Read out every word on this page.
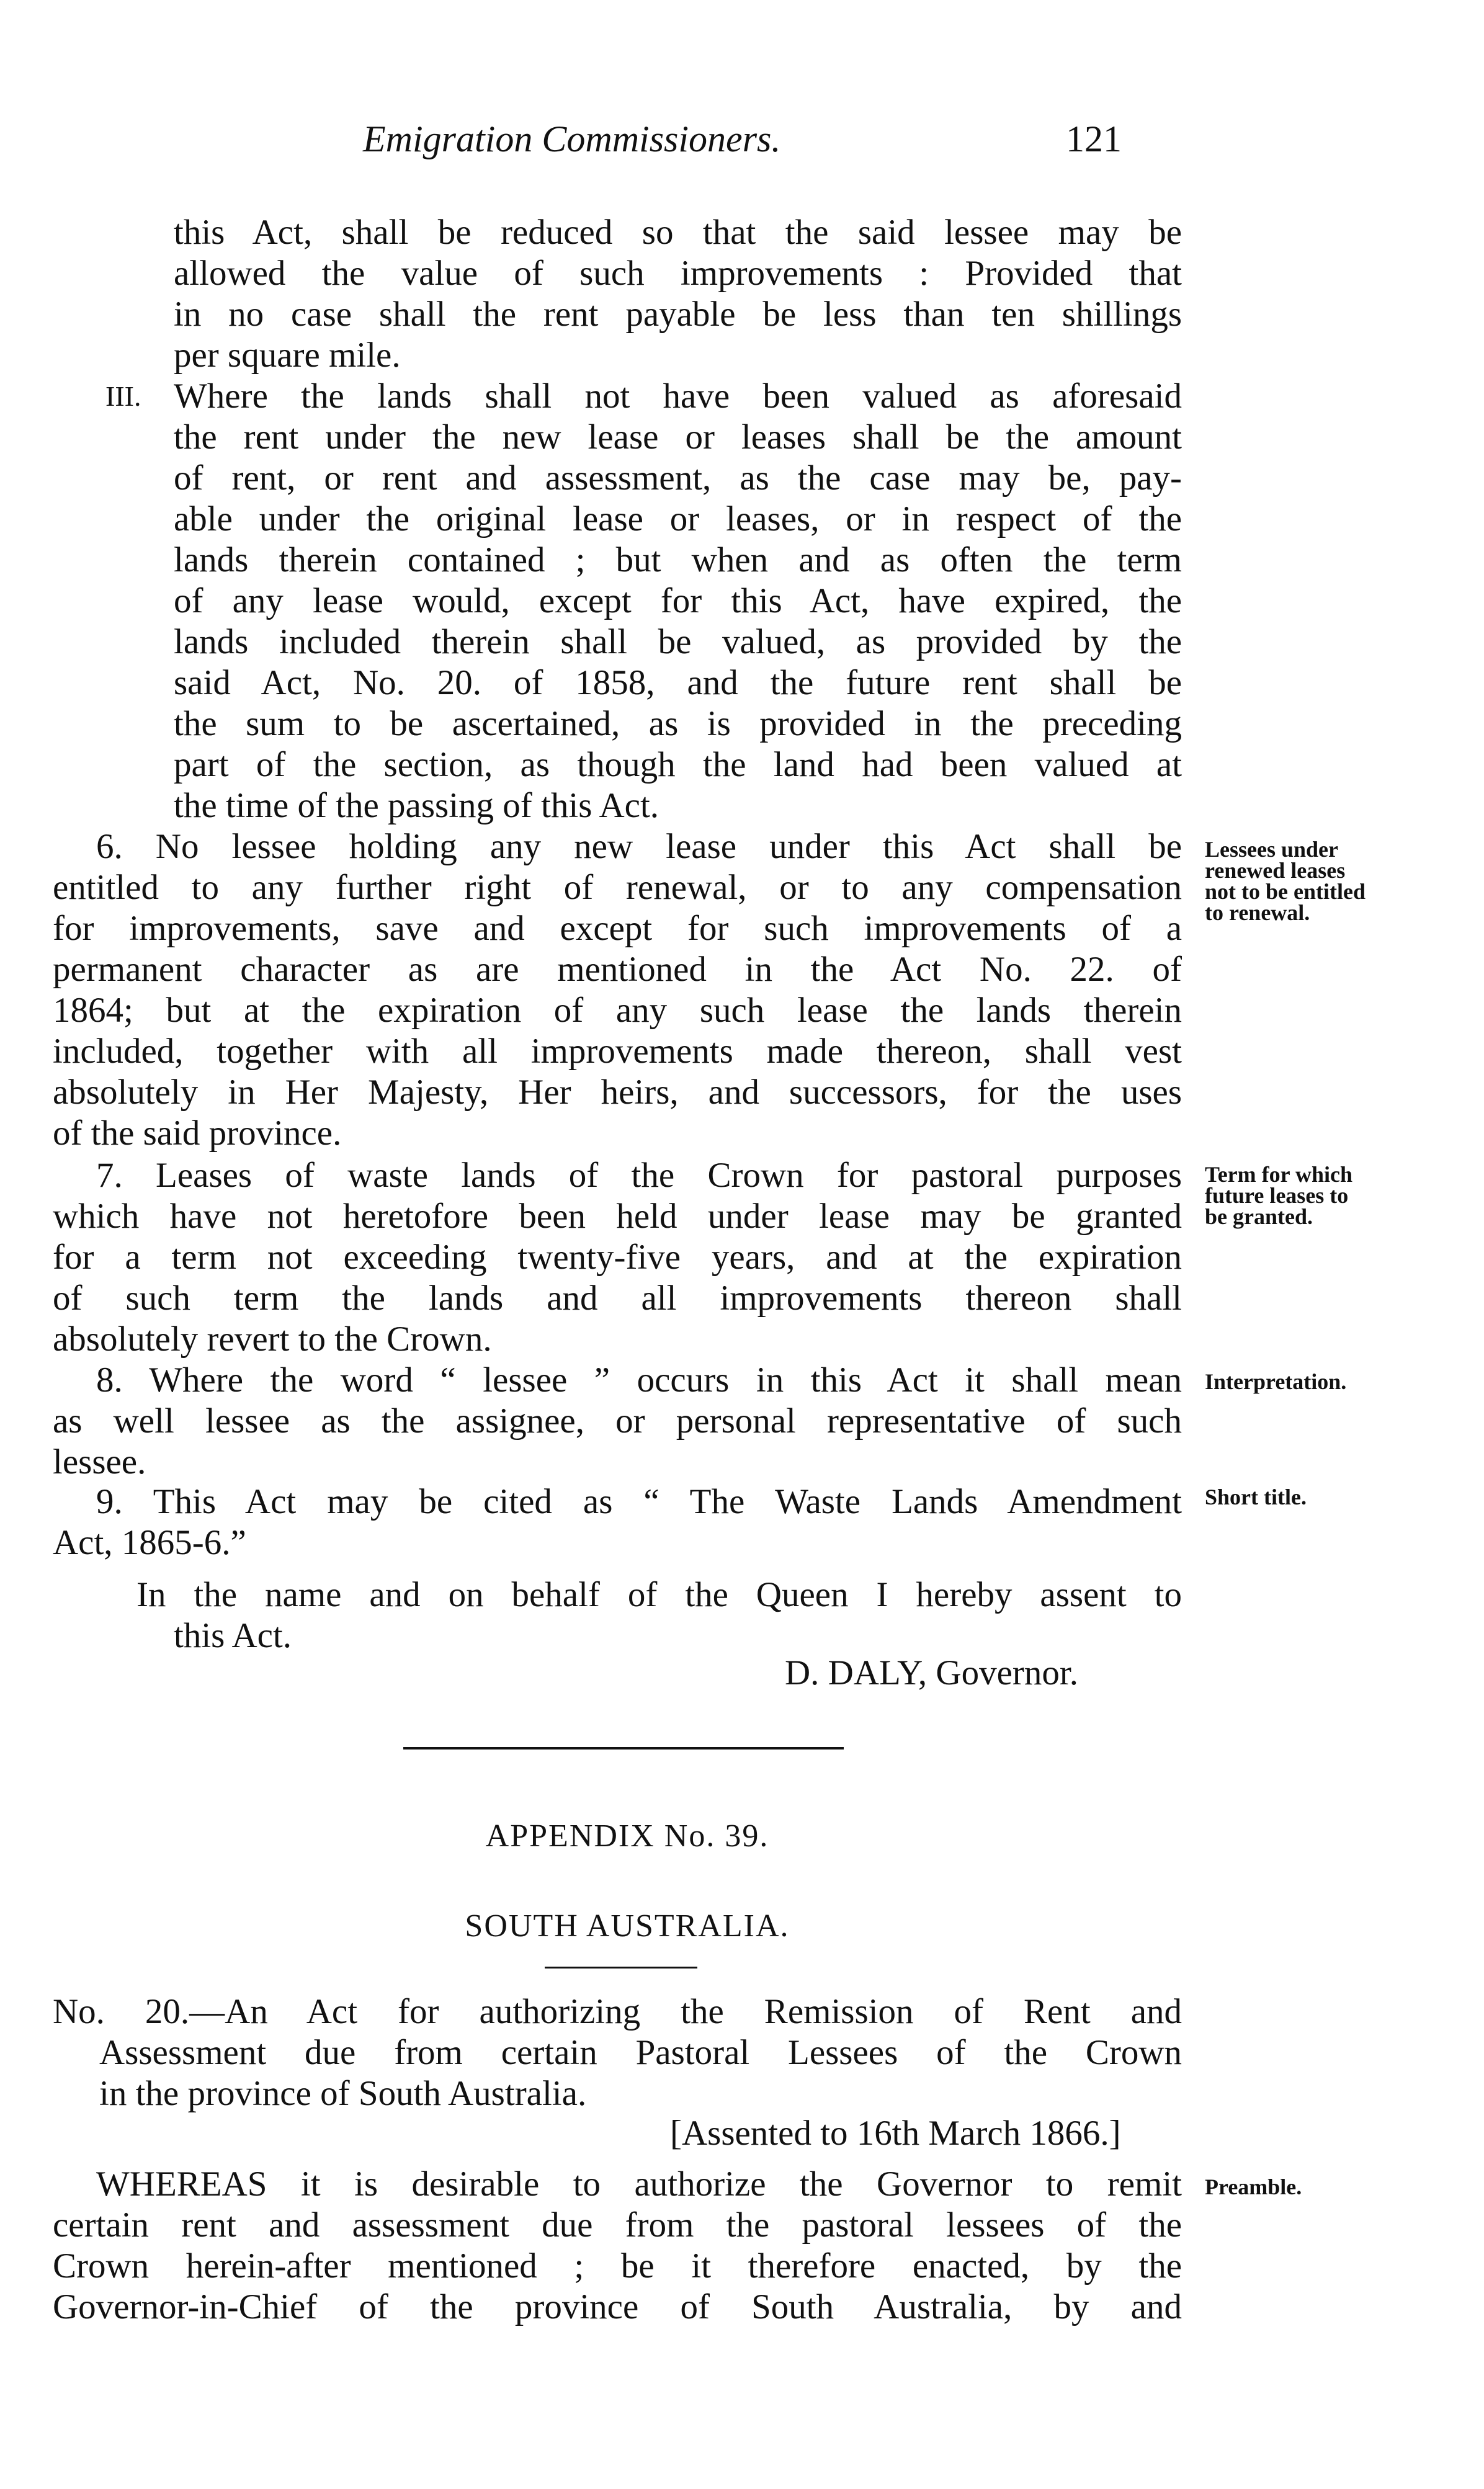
Emigration Commissioners.	121
this Act, shall be reduced so that the said lessee may be
allowed the value of such improvements : Provided that
in no case shall the rent payable be less than ten shillings
per square mile.
III. Where the lands shall not have been valued as aforesaid
the rent under the new lease or leases shall be the amount
of rent, or rent and assessment, as the case may be, pay-
able under the original lease or leases, or in respect of the
lands therein contained ; but when and as often the term
of any lease would, except for this Act, have expired, the
lands included therein shall be valued, as provided by the
said Act, No. 20. of 1858, and the future rent shall be
the sum to be ascertained, as is provided in the preceding
part of the section, as though the land had been valued at
the time of the passing of this Act.
6. No lessee holding any new lease under this Act shall be
entitled to any further right of renewal, or to any compensation
for improvements, save and except for such improvements of a
permanent character as are mentioned in the Act No. 22. of
1864; but at the expiration of any such lease the lands therein
included, together with all improvements made thereon, shall vest
absolutely in Her Majesty, Her heirs, and successors, for the uses
of the said province.
Lessees under
renewed leases
not to be entitled
to renewal.
7. Leases of waste lands of the Crown for pastoral purposes
which have not heretofore been held under lease may be granted
for a term not exceeding twenty-five years, and at the expiration
of such term the lands and all improvements thereon shall
absolutely revert to the Crown.
Term for which
future leases to
be granted.
8. Where the word “ lessee ” occurs in this Act it shall mean
as well lessee as the assignee, or personal representative of such
lessee.
Interpretation.
9. This Act may be cited as “ The Waste Lands Amendment
Act, 1865-6.”
Short title.
In the name and on behalf of the Queen I hereby assent to
this Act.
D. DALY, Governor.
APPENDIX No. 39.
SOUTH AUSTRALIA.
No. 20.—An Act for authorizing the Remission of Rent and
Assessment due from certain Pastoral Lessees of the Crown
in the province of South Australia.
[Assented to 16th March 1866.]
WHEREAS it is desirable to authorize the Governor to remit
certain rent and assessment due from the pastoral lessees of the
Crown herein-after mentioned ; be it therefore enacted, by the
Governor-in-Chief of the province of South Australia, by and
Preamble.
